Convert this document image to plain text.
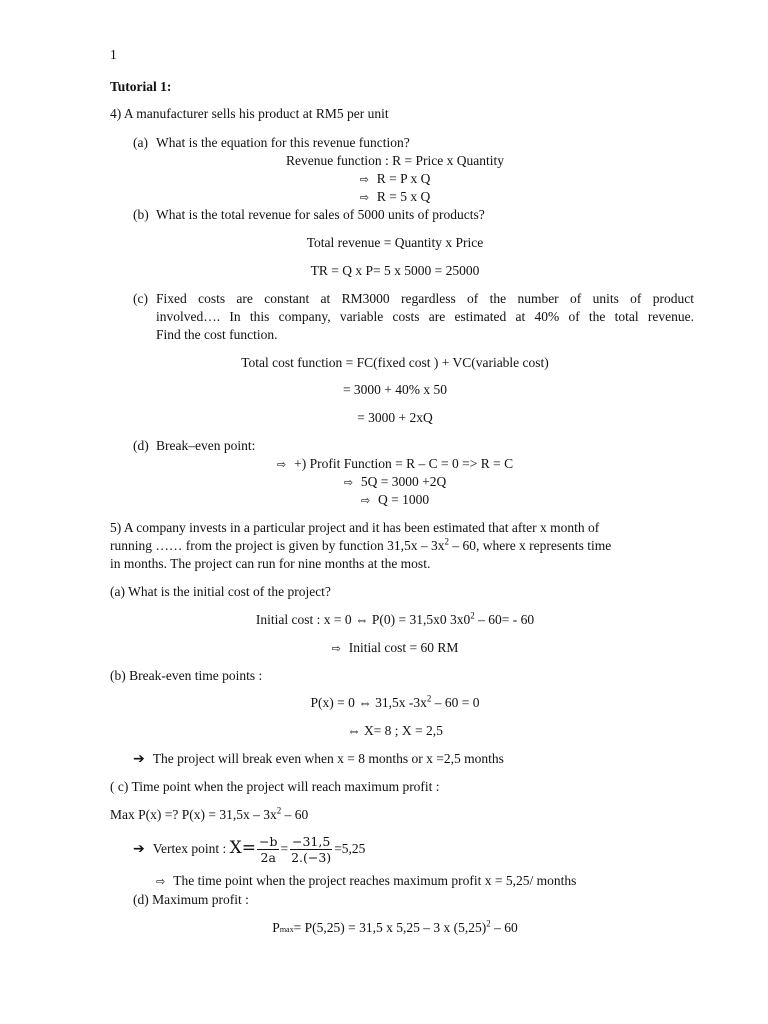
1
Tutorial 1:
4) A manufacturer sells his product at RM5 per unit
(a) What is the equation for this revenue function?
Revenue function : R = Price x Quantity
⇨ R = P x Q
⇨ R = 5 x Q
(b) What is the total revenue for sales of 5000 units of products?
Total revenue = Quantity x Price
TR = Q x P= 5 x 5000 = 25000
(c) Fixed costs are constant at RM3000 regardless of the number of units of product
involved…. In this company, variable costs are estimated at 40% of the total revenue.
Find the cost function.
Total cost function = FC(fixed cost ) + VC(variable cost)
= 3000 + 40% x 50
= 3000 + 2xQ
(d) Break–even point:
⇨ +) Profit Function = R – C = 0 => R = C
⇨ 5Q = 3000 +2Q
⇨ Q = 1000
5) A company invests in a particular project and it has been estimated that after x month of
running …… from the project is given by function $31,5x - 3x^2 - 60$, where x represents time
in months. The project can run for nine months at the most.
(a) What is the initial cost of the project?
Initial cost : x = 0 ⇔ P(0) = 31,5x0 $3x0^2 - 60= - 60$
⇨ Initial cost = 60 RM
(b) Break-even time points :
P(x) = 0 ⇔ 31,5x $-3x^2 - 60 = 0$
⇔ X= 8 ; X = 2,5
➔ The project will break even when x = 8 months or x =2,5 months
( c) Time point when the project will reach maximum profit :
Max P(x) =? $P(x) = 31,5x - 3x^2 - 60$
➔ Vertex point : $X= \frac{-b}{2a} = \frac{-31,5}{2.(-3)} =5,25$
⇨ The time point when the project reaches maximum profit x = 5,25/ months
(d) Maximum profit :
Pmax= P(5,25) = 31,5 x 5,25 – 3 x $(5,25)^2 - 60$
